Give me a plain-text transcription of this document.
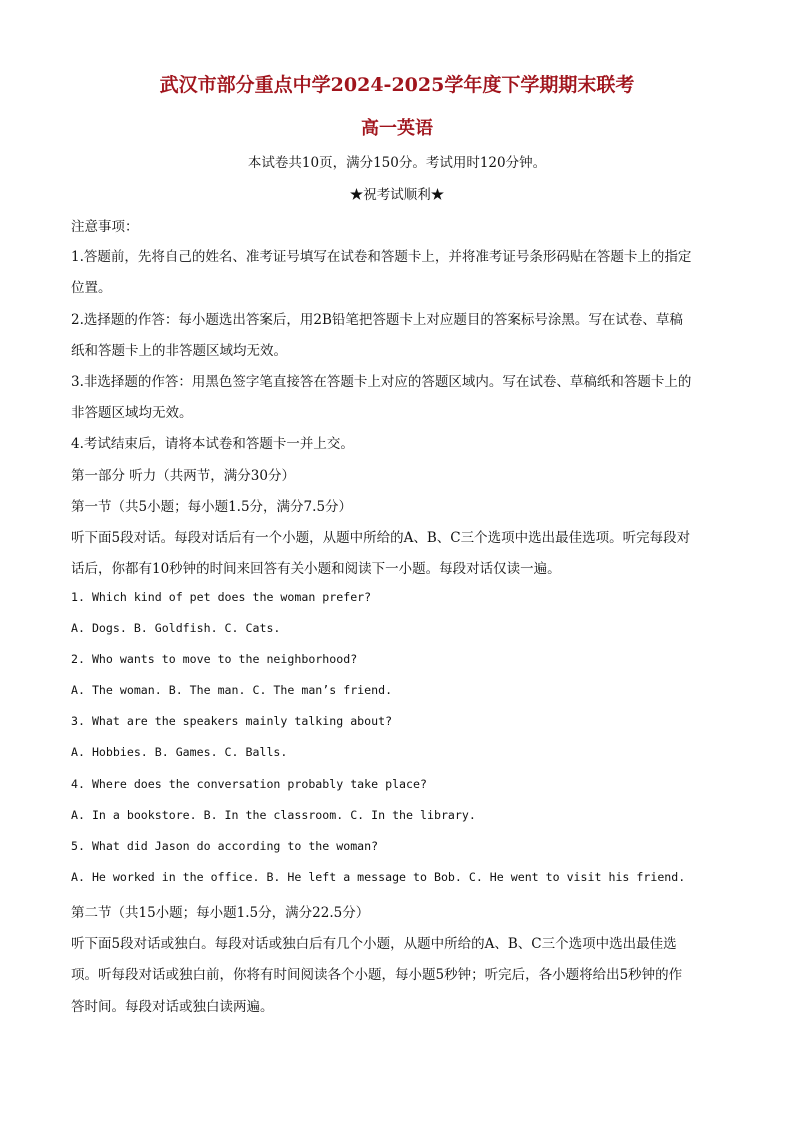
武汉市部分重点中学2024-2025学年度下学期期末联考
高一英语
本试卷共10页，满分150分。考试用时120分钟。
★祝考试顺利★
注意事项：
1.答题前，先将自己的姓名、准考证号填写在试卷和答题卡上，并将准考证号条形码贴在答题卡上的指定
位置。
2.选择题的作答：每小题选出答案后，用2B铅笔把答题卡上对应题目的答案标号涂黑。写在试卷、草稿
纸和答题卡上的非答题区域均无效。
3.非选择题的作答：用黑色签字笔直接答在答题卡上对应的答题区域内。写在试卷、草稿纸和答题卡上的
非答题区域均无效。
4.考试结束后，请将本试卷和答题卡一并上交。
第一部分 听力（共两节，满分30分）
第一节（共5小题；每小题1.5分，满分7.5分）
听下面5段对话。每段对话后有一个小题，从题中所给的A、B、C三个选项中选出最佳选项。听完每段对
话后，你都有10秒钟的时间来回答有关小题和阅读下一小题。每段对话仅读一遍。
1. Which kind of pet does the woman prefer?
A. Dogs. B. Goldfish. C. Cats.
2. Who wants to move to the neighborhood?
A. The woman. B. The man. C. The man’s friend.
3. What are the speakers mainly talking about?
A. Hobbies. B. Games. C. Balls.
4. Where does the conversation probably take place?
A. In a bookstore. B. In the classroom. C. In the library.
5. What did Jason do according to the woman?
A. He worked in the office. B. He left a message to Bob. C. He went to visit his friend.
第二节（共15小题；每小题1.5分，满分22.5分）
听下面5段对话或独白。每段对话或独白后有几个小题，从题中所给的A、B、C三个选项中选出最佳选
项。听每段对话或独白前，你将有时间阅读各个小题，每小题5秒钟；听完后，各小题将给出5秒钟的作
答时间。每段对话或独白读两遍。
